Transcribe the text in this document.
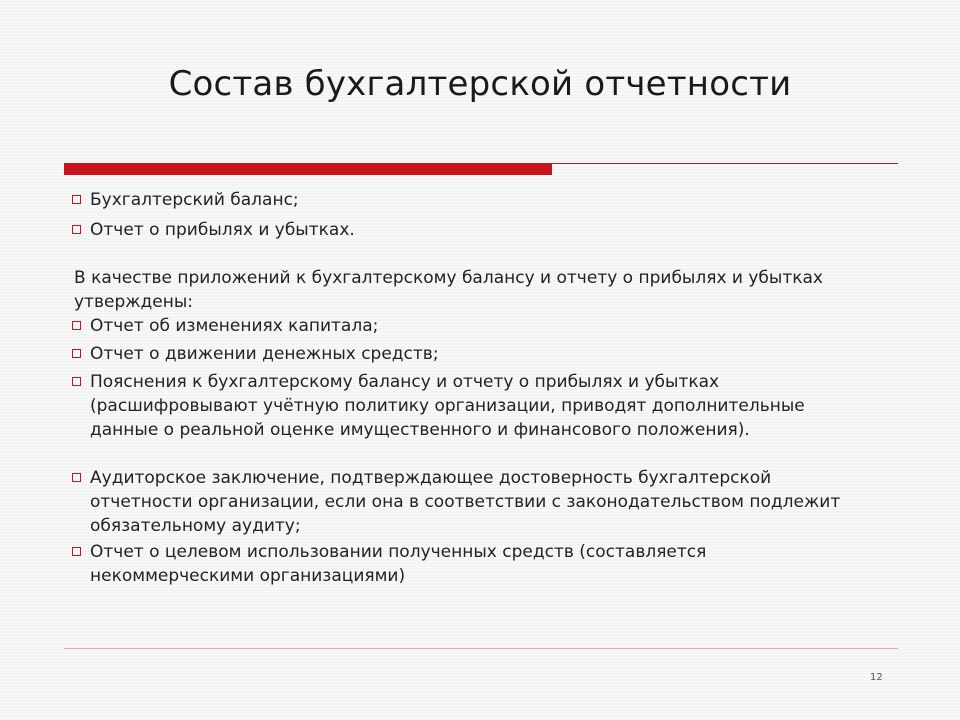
Состав бухгалтерской отчетности
Бухгалтерский баланс;
Отчет о прибылях и убытках.
В качестве приложений к бухгалтерскому балансу и отчету о прибылях и убытках утверждены:
Отчет об изменениях капитала;
Отчет о движении денежных средств;
Пояснения к бухгалтерскому балансу и отчету о прибылях и убытках (расшифровывают учётную политику организации, приводят дополнительные данные о реальной оценке имущественного и финансового положения).
Аудиторское заключение, подтверждающее достоверность бухгалтерской отчетности организации, если она в соответствии с законодательством подлежит обязательному аудиту;
Отчет о целевом использовании полученных средств (составляется некоммерческими организациями)
12
